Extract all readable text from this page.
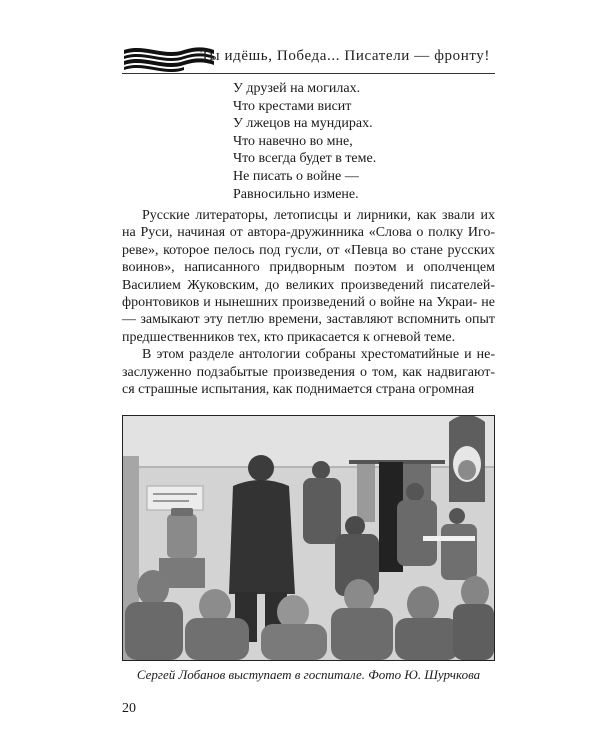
Ты идёшь, Победа... Писатели — фронту!
У друзей на могилах.
Что крестами висит
У лжецов на мундирах.
Что навечно во мне,
Что всегда будет в теме.
Не писать о войне —
Равносильно измене.

Русские литераторы, летописцы и лирники, как звали их на Руси, начиная от автора-дружинника «Слова о полку Иго- реве», которое пелось под гусли, от «Певца во стане русских воинов», написанного придворным поэтом и ополченцем Василием Жуковским, до великих произведений писателей- фронтовиков и нынешних произведений о войне на Украи- не — замыкают эту петлю времени, заставляют вспомнить опыт предшественников тех, кто прикасается к огневой теме.

В этом разделе антологии собраны хрестоматийные и не- заслуженно подзабытые произведения о том, как надвигают- ся страшные испытания, как поднимается страна огромная

Сергей Лобанов выступает в госпитале. Фото Ю. Шурчкова
20
